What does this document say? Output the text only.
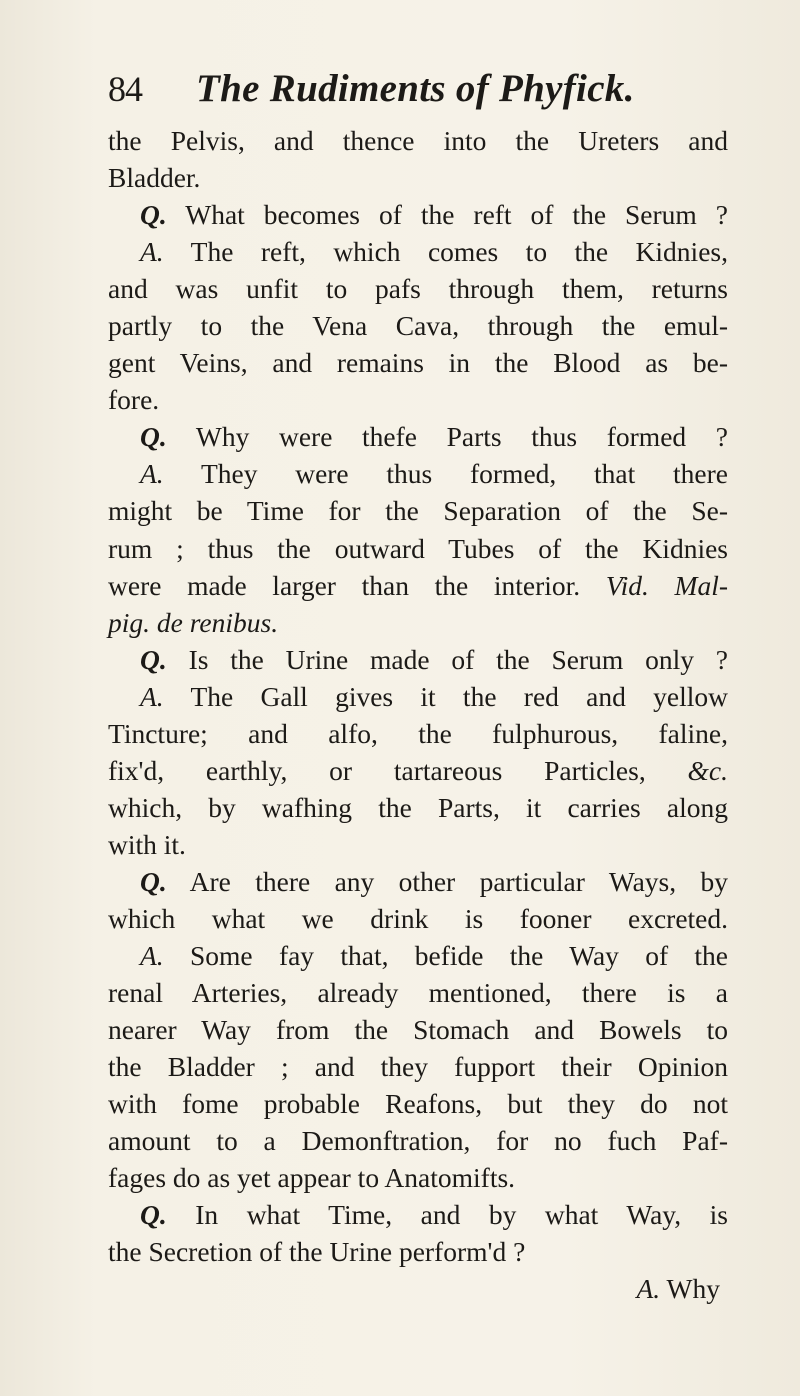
84 The Rudiments of Phyfick.
the Pelvis, and thence into the Ureters and
Bladder.
Q. What becomes of the reft of the Serum ?
A. The reft, which comes to the Kidnies,
and was unfit to pafs through them, returns
partly to the Vena Cava, through the emul-
gent Veins, and remains in the Blood as be-
fore.
Q. Why were thefe Parts thus formed ?
A. They were thus formed, that there
might be Time for the Separation of the Se-
rum ; thus the outward Tubes of the Kidnies
were made larger than the interior. Vid. Mal-
pig. de renibus.
Q. Is the Urine made of the Serum only ?
A. The Gall gives it the red and yellow
Tincture; and alfo, the fulphurous, faline,
fix'd, earthly, or tartareous Particles, &c.
which, by wafhing the Parts, it carries along
with it.
Q. Are there any other particular Ways, by
which what we drink is fooner excreted.
A. Some fay that, befide the Way of the
renal Arteries, already mentioned, there is a
nearer Way from the Stomach and Bowels to
the Bladder ; and they fupport their Opinion
with fome probable Reafons, but they do not
amount to a Demonftration, for no fuch Paf-
fages do as yet appear to Anatomifts.
Q. In what Time, and by what Way, is
the Secretion of the Urine perform'd ?
A. Why
